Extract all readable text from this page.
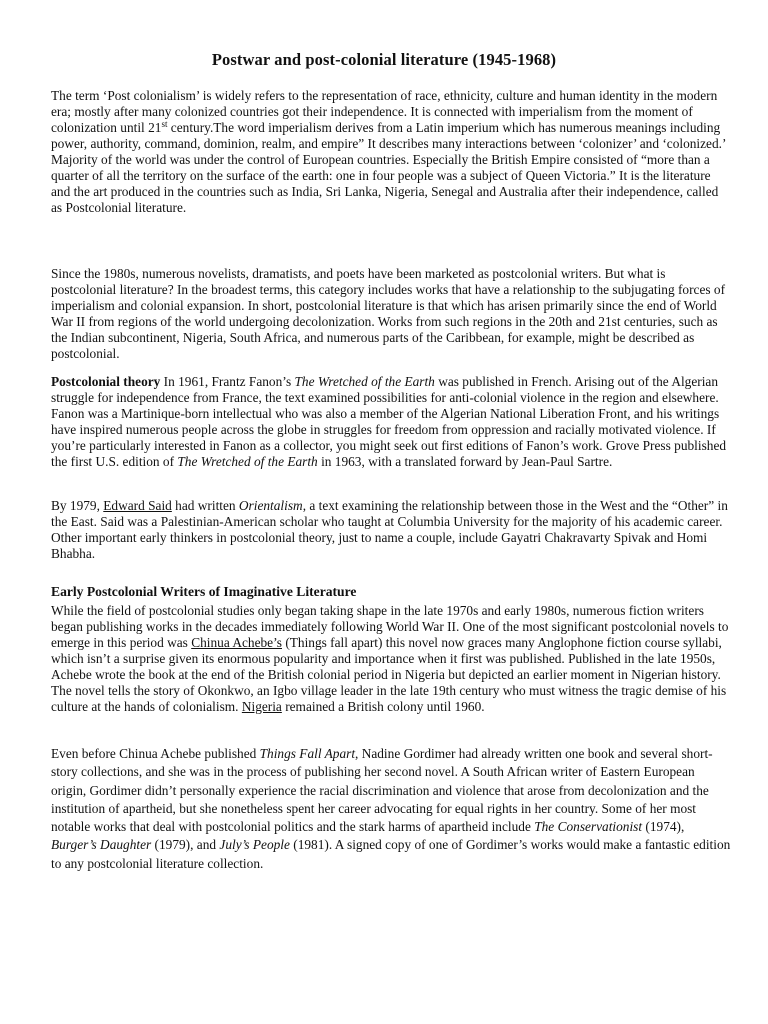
Postwar and post-colonial literature (1945-1968)

The term ‘Post colonialism’ is widely refers to the representation of race, ethnicity, culture and human identity in the modern era; mostly after many colonized countries got their independence. It is connected with imperialism from the moment of colonization until 21st century.The word imperialism derives from a Latin imperium which has numerous meanings including power, authority, command, dominion, realm, and empire” It describes many interactions between ‘colonizer’ and ‘colonized.’ Majority of the world was under the control of European countries. Especially the British Empire consisted of “more than a quarter of all the territory on the surface of the earth: one in four people was a subject of Queen Victoria.” It is the literature and the art produced in the countries such as India, Sri Lanka, Nigeria, Senegal and Australia after their independence, called as Postcolonial literature.

Since the 1980s, numerous novelists, dramatists, and poets have been marketed as postcolonial writers. But what is postcolonial literature? In the broadest terms, this category includes works that have a relationship to the subjugating forces of imperialism and colonial expansion. In short, postcolonial literature is that which has arisen primarily since the end of World War II from regions of the world undergoing decolonization. Works from such regions in the 20th and 21st centuries, such as the Indian subcontinent, Nigeria, South Africa, and numerous parts of the Caribbean, for example, might be described as postcolonial.

Postcolonial theory In 1961, Frantz Fanon’s The Wretched of the Earth was published in French. Arising out of the Algerian struggle for independence from France, the text examined possibilities for anti-colonial violence in the region and elsewhere. Fanon was a Martinique-born intellectual who was also a member of the Algerian National Liberation Front, and his writings have inspired numerous people across the globe in struggles for freedom from oppression and racially motivated violence. If you’re particularly interested in Fanon as a collector, you might seek out first editions of Fanon’s work. Grove Press published the first U.S. edition of The Wretched of the Earth in 1963, with a translated forward by Jean-Paul Sartre.

By 1979, Edward Said had written Orientalism, a text examining the relationship between those in the West and the “Other” in the East. Said was a Palestinian-American scholar who taught at Columbia University for the majority of his academic career. Other important early thinkers in postcolonial theory, just to name a couple, include Gayatri Chakravarty Spivak and Homi Bhabha.

Early Postcolonial Writers of Imaginative Literature

While the field of postcolonial studies only began taking shape in the late 1970s and early 1980s, numerous fiction writers began publishing works in the decades immediately following World War II. One of the most significant postcolonial novels to emerge in this period was Chinua Achebe’s (Things fall apart) this novel now graces many Anglophone fiction course syllabi, which isn’t a surprise given its enormous popularity and importance when it first was published. Published in the late 1950s, Achebe wrote the book at the end of the British colonial period in Nigeria but depicted an earlier moment in Nigerian history. The novel tells the story of Okonkwo, an Igbo village leader in the late 19th century who must witness the tragic demise of his culture at the hands of colonialism. Nigeria remained a British colony until 1960.

Even before Chinua Achebe published Things Fall Apart, Nadine Gordimer had already written one book and several short-story collections, and she was in the process of publishing her second novel. A South African writer of Eastern European origin, Gordimer didn’t personally experience the racial discrimination and violence that arose from decolonization and the institution of apartheid, but she nonetheless spent her career advocating for equal rights in her country. Some of her most notable works that deal with postcolonial politics and the stark harms of apartheid include The Conservationist (1974), Burger’s Daughter (1979), and July’s People (1981). A signed copy of one of Gordimer’s works would make a fantastic edition to any postcolonial literature collection.
